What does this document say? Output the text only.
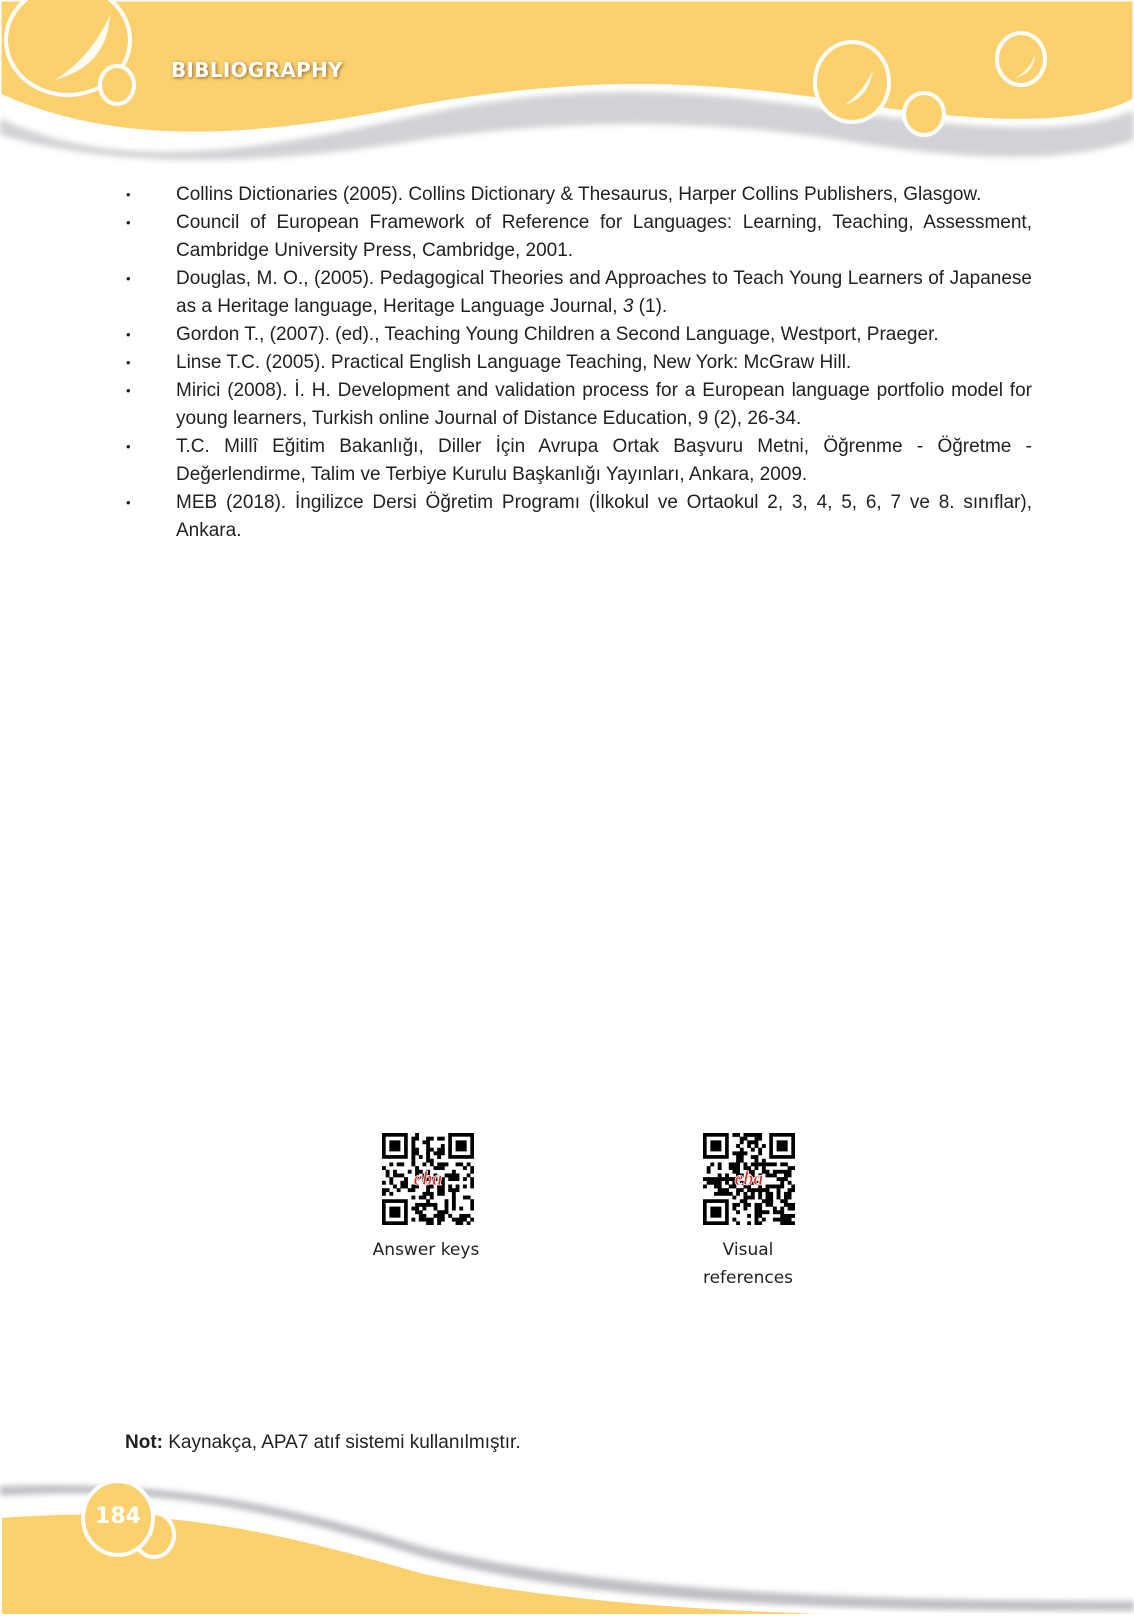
BIBLIOGRAPHY
• Collins Dictionaries (2005). Collins Dictionary & Thesaurus, Harper Collins Publishers, Glasgow.
• Council of European Framework of Reference for Languages: Learning, Teaching, Assessment, Cambridge University Press, Cambridge, 2001.
• Douglas, M. O., (2005). Pedagogical Theories and Approaches to Teach Young Learners of Japanese as a Heritage language, Heritage Language Journal, 3 (1).
• Gordon T., (2007). (ed)., Teaching Young Children a Second Language, Westport, Praeger.
• Linse T.C. (2005). Practical English Language Teaching, New York: McGraw Hill.
• Mirici (2008). İ. H. Development and validation process for a European language portfolio model for young learners, Turkish online Journal of Distance Education, 9 (2), 26-34.
• T.C. Millî Eğitim Bakanlığı, Diller İçin Avrupa Ortak Başvuru Metni, Öğrenme - Öğretme - Değerlendirme, Talim ve Terbiye Kurulu Başkanlığı Yayınları, Ankara, 2009.
• MEB (2018). İngilizce Dersi Öğretim Programı (İlkokul ve Ortaokul 2, 3, 4, 5, 6, 7 ve 8. sınıflar), Ankara.
eba
Answer keys
eba
Visual
references
Not: Kaynakça, APA7 atıf sistemi kullanılmıştır.
184
